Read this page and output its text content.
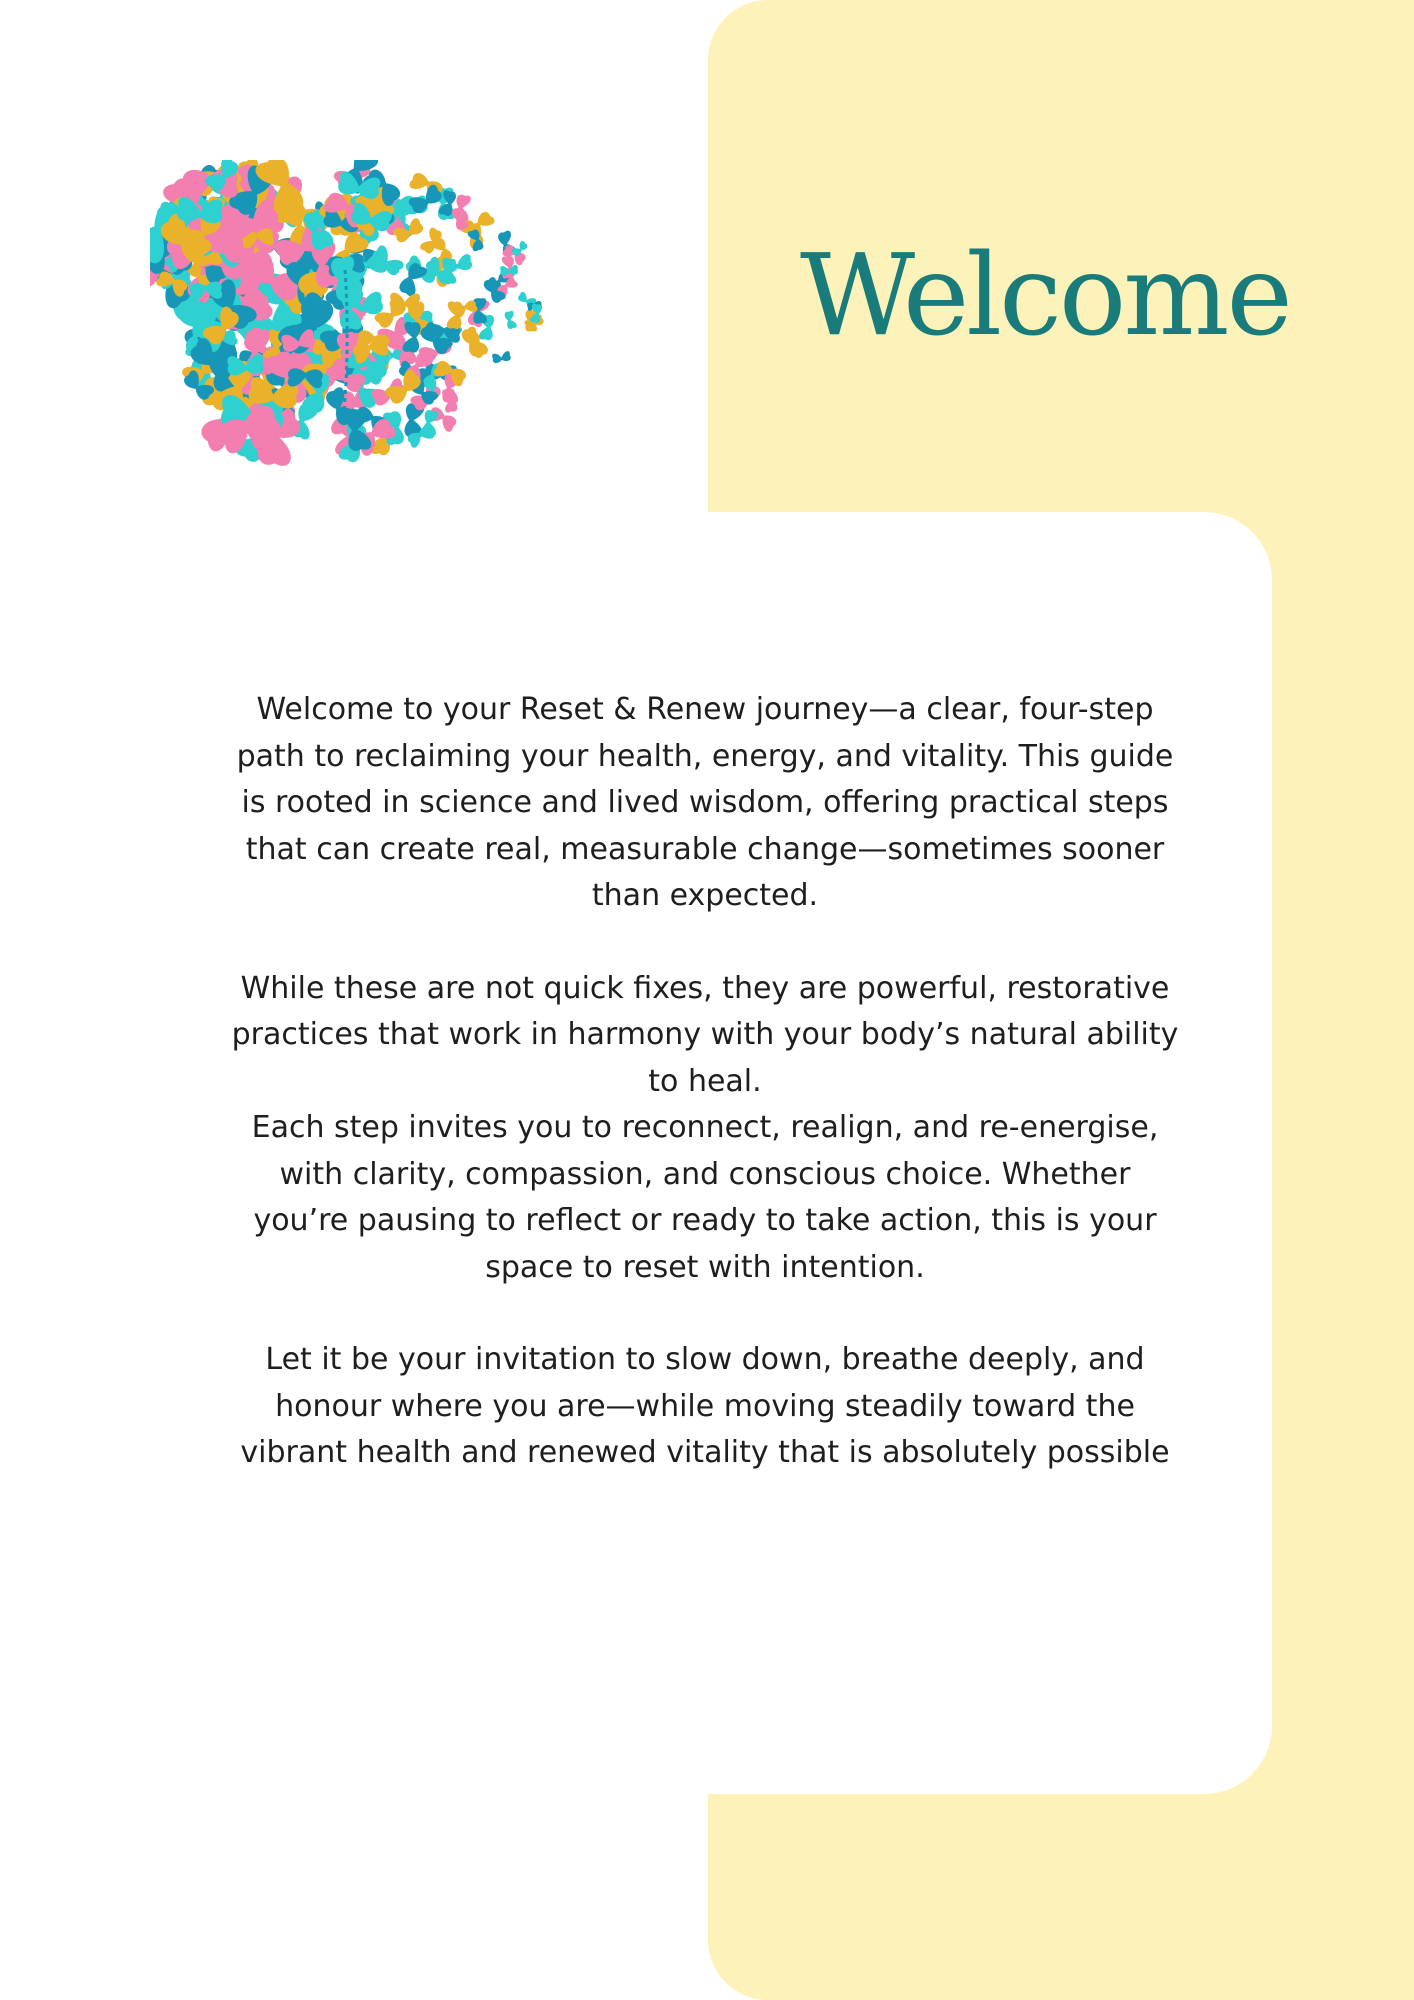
Welcome

Welcome to your Reset & Renew journey—a clear, four-step path to reclaiming your health, energy, and vitality. This guide is rooted in science and lived wisdom, offering practical steps that can create real, measurable change—sometimes sooner than expected.

While these are not quick fixes, they are powerful, restorative practices that work in harmony with your body’s natural ability to heal.

Each step invites you to reconnect, realign, and re-energise, with clarity, compassion, and conscious choice. Whether you’re pausing to reflect or ready to take action, this is your space to reset with intention.

Let it be your invitation to slow down, breathe deeply, and honour where you are—while moving steadily toward the vibrant health and renewed vitality that is absolutely possible
